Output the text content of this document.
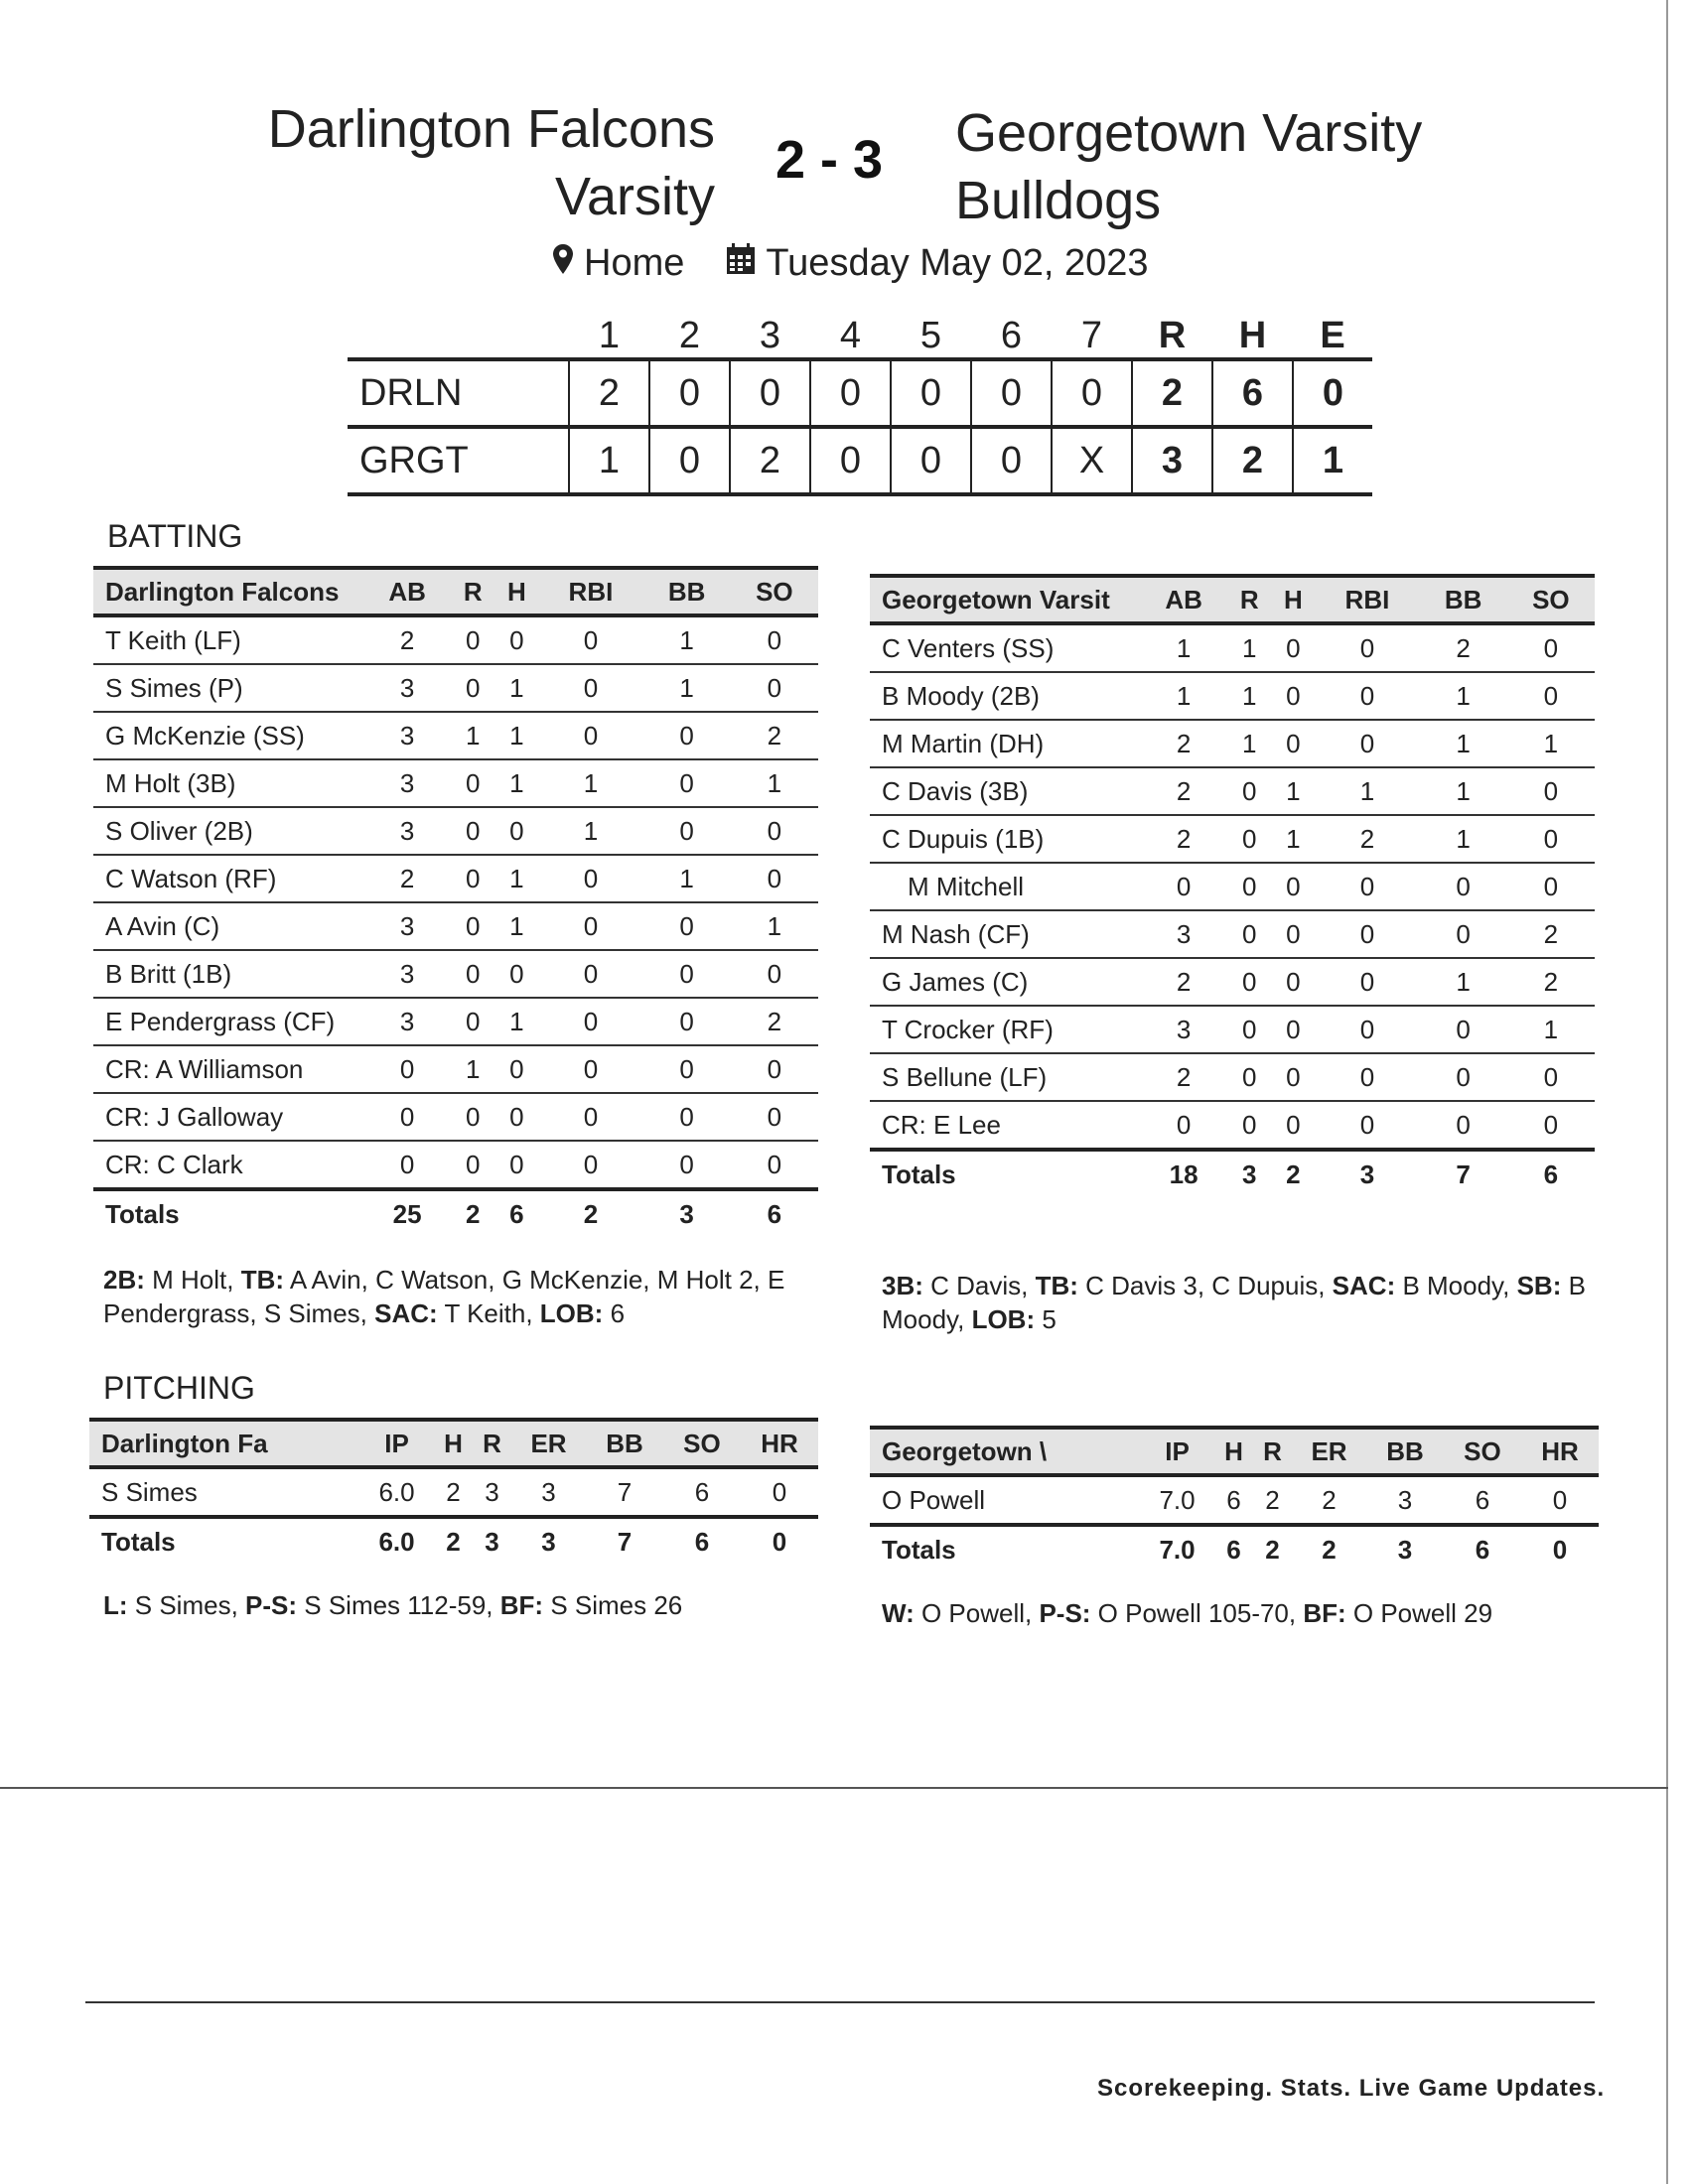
Darlington Falcons Varsity
2 - 3	Georgetown Varsity Bulldogs
Home Tuesday May 02, 2023
	1	2	3	4	5	6	7	R	H	E
DRLN	2	0	0	0	0	0	0	2	6	0
GRGT	1	0	2	0	0	0	X	3	2	1
BATTING
Darlington Falcons	AB	R	H	RBI	BB	SO
T Keith (LF)	2	0	0	0	1	0
S Simes (P)	3	0	1	0	1	0
G McKenzie (SS)	3	1	1	0	0	2
M Holt (3B)	3	0	1	1	0	1
S Oliver (2B)	3	0	0	1	0	0
C Watson (RF)	2	0	1	0	1	0
A Avin (C)	3	0	1	0	0	1
B Britt (1B)	3	0	0	0	0	0
E Pendergrass (CF)	3	0	1	0	0	2
CR: A Williamson	0	1	0	0	0	0
CR: J Galloway	0	0	0	0	0	0
CR: C Clark	0	0	0	0	0	0
Totals	25	2	6	2	3	6
Georgetown Varsit	AB	R	H	RBI	BB	SO
C Venters (SS)	1	1	0	0	2	0
B Moody (2B)	1	1	0	0	1	0
M Martin (DH)	2	1	0	0	1	1
C Davis (3B)	2	0	1	1	1	0
C Dupuis (1B)	2	0	1	2	1	0
M Mitchell	0	0	0	0	0	0
M Nash (CF)	3	0	0	0	0	2
G James (C)	2	0	0	0	1	2
T Crocker (RF)	3	0	0	0	0	1
S Bellune (LF)	2	0	0	0	0	0
CR: E Lee	0	0	0	0	0	0
Totals	18	3	2	3	7	6
2B: M Holt, TB: A Avin, C Watson, G McKenzie, M Holt 2, E Pendergrass, S Simes, SAC: T Keith, LOB: 6
3B: C Davis, TB: C Davis 3, C Dupuis, SAC: B Moody, SB: B Moody, LOB: 5
PITCHING
Darlington Fa	IP	H	R	ER	BB	SO	HR
S Simes	6.0	2	3	3	7	6	0
Totals	6.0	2	3	3	7	6	0
Georgetown \	IP	H	R	ER	BB	SO	HR
O Powell	7.0	6	2	2	3	6	0
Totals	7.0	6	2	2	3	6	0
L: S Simes, P-S: S Simes 112-59, BF: S Simes 26	W: O Powell, P-S: O Powell 105-70, BF: O Powell 29
Scorekeeping. Stats. Live Game Updates.
